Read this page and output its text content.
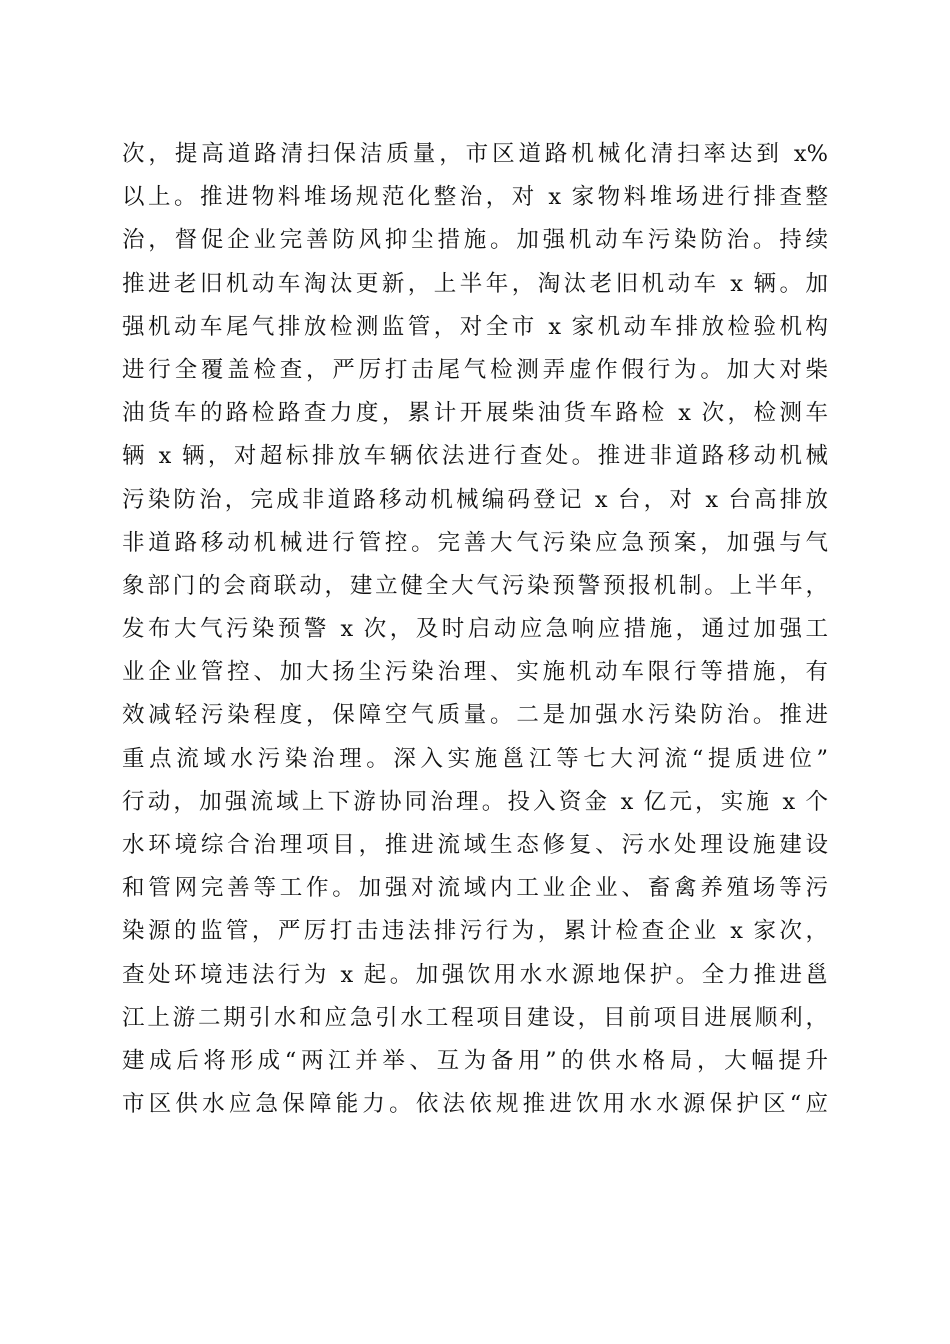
次，提高道路清扫保洁质量，市区道路机械化清扫率达到 x%
以上。推进物料堆场规范化整治，对 x 家物料堆场进行排查整
治，督促企业完善防风抑尘措施。加强机动车污染防治。持续
推进老旧机动车淘汰更新，上半年，淘汰老旧机动车 x 辆。加
强机动车尾气排放检测监管，对全市 x 家机动车排放检验机构
进行全覆盖检查，严厉打击尾气检测弄虚作假行为。加大对柴
油货车的路检路查力度，累计开展柴油货车路检 x 次，检测车
辆 x 辆，对超标排放车辆依法进行查处。推进非道路移动机械
污染防治，完成非道路移动机械编码登记 x 台，对 x 台高排放
非道路移动机械进行管控。完善大气污染应急预案，加强与气
象部门的会商联动，建立健全大气污染预警预报机制。上半年，
发布大气污染预警 x 次，及时启动应急响应措施，通过加强工
业企业管控、加大扬尘污染治理、实施机动车限行等措施，有
效减轻污染程度，保障空气质量。二是加强水污染防治。推进
重点流域水污染治理。深入实施邕江等七大河流“提质进位”
行动，加强流域上下游协同治理。投入资金 x 亿元，实施 x 个
水环境综合治理项目，推进流域生态修复、污水处理设施建设
和管网完善等工作。加强对流域内工业企业、畜禽养殖场等污
染源的监管，严厉打击违法排污行为，累计检查企业 x 家次，
查处环境违法行为 x 起。加强饮用水水源地保护。全力推进邕
江上游二期引水和应急引水工程项目建设，目前项目进展顺利，
建成后将形成“两江并举、互为备用”的供水格局，大幅提升
市区供水应急保障能力。依法依规推进饮用水水源保护区“应
